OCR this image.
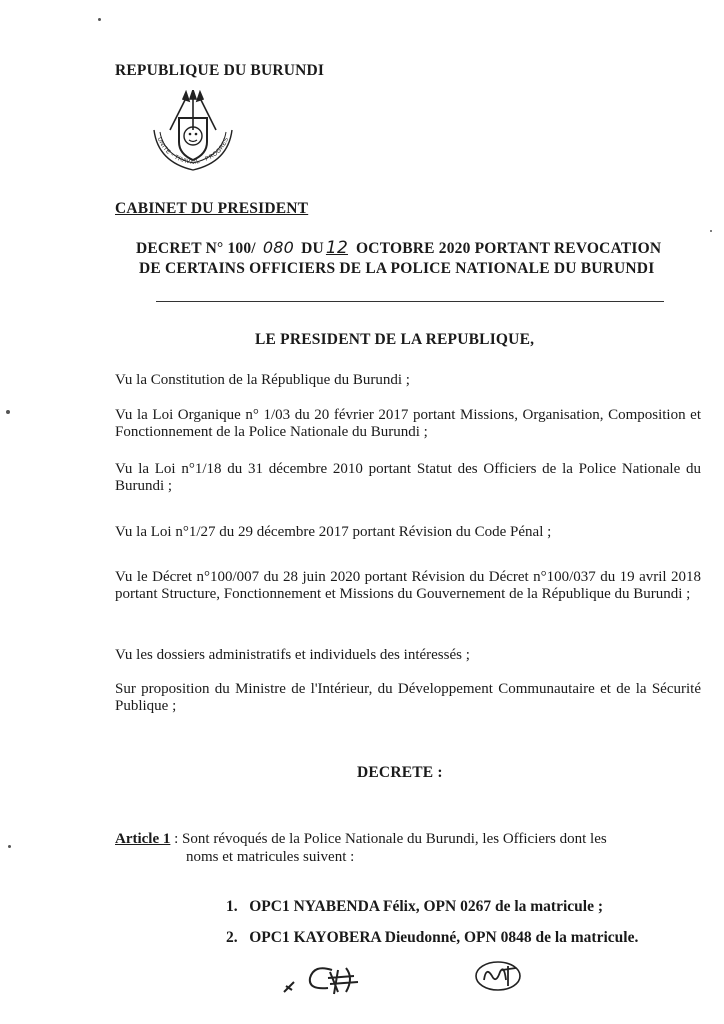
REPUBLIQUE DU BURUNDI
UNITE - TRAVAIL - PROGRES
CABINET DU PRESIDENT
DECRET N° 100/ 080 DU 12 OCTOBRE 2020 PORTANT REVOCATION
DE CERTAINS OFFICIERS DE LA POLICE NATIONALE DU BURUNDI
LE PRESIDENT DE LA REPUBLIQUE,
Vu la Constitution de la République du Burundi ;
Vu la Loi Organique n° 1/03 du 20 février 2017 portant Missions, Organisation, Composition et Fonctionnement de la Police Nationale du Burundi ;
Vu la Loi n°1/18 du 31 décembre 2010 portant Statut des Officiers de la Police Nationale du Burundi ;
Vu la Loi n°1/27 du 29 décembre 2017 portant Révision du Code Pénal ;
Vu le Décret n°100/007 du 28 juin 2020 portant Révision du Décret n°100/037 du 19 avril 2018 portant Structure, Fonctionnement et Missions du Gouvernement de la République du Burundi ;
Vu les dossiers administratifs et individuels des intéressés ;
Sur proposition du Ministre de l'Intérieur, du Développement Communautaire et de la Sécurité Publique ;
DECRETE :
Article 1 : Sont révoqués de la Police Nationale du Burundi, les Officiers dont les
noms et matricules suivent :
1.   OPC1 NYABENDA Félix, OPN 0267 de la matricule ;
2.   OPC1 KAYOBERA Dieudonné, OPN 0848 de la matricule.
